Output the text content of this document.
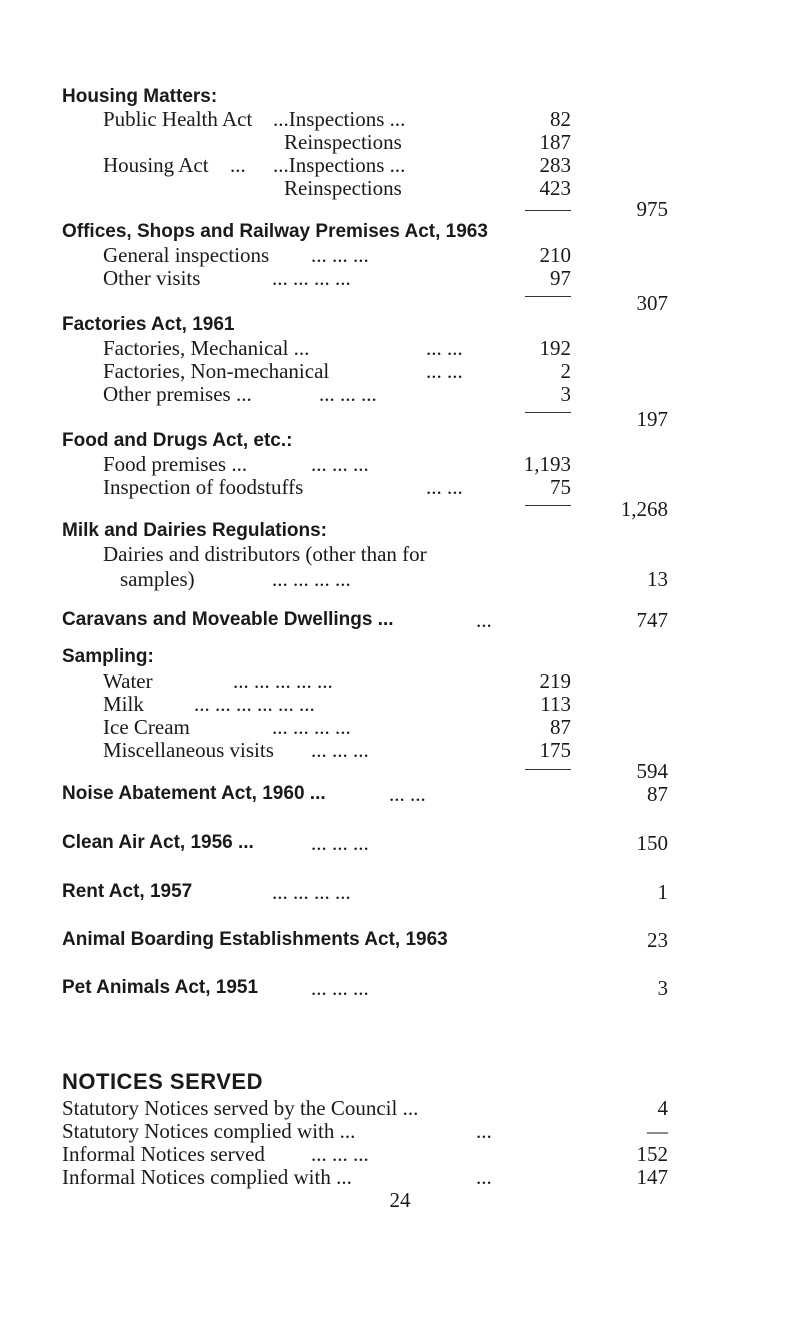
Housing Matters:
Public Health Act ...Inspections ...	82
Reinspections	187
Housing Act ... ...Inspections ...	283
Reinspections	423
975
Offices, Shops and Railway Premises Act, 1963
General inspections ... ... ...	210
Other visits	... ... ... ...	97
307
Factories Act, 1961
Factories, Mechanical ...	... ...	192
Factories, Non-mechanical	... ...	2
Other premises ...	... ... ...	3
197
Food and Drugs Act, etc.:
Food premises ...	... ... ...	1,193
Inspection of foodstuffs	... ...	75
1,268
Milk and Dairies Regulations:
Dairies and distributors (other than for
samples)	... ... ... ...	13
Caravans and Moveable Dwellings ...	...	747
Sampling:
Water	... ... ... ... ...	219
Milk ... ... ... ... ... ...	113
Ice Cream	... ... ... ...	87
Miscellaneous visits ... ... ...	175
594
Noise Abatement Act, 1960 ...	... ...	87
Clean Air Act, 1956 ...	... ... ...	150
Rent Act, 1957	... ... ... ...	1
Animal Boarding Establishments Act, 1963	23
Pet Animals Act, 1951	... ... ...	3
NOTICES SERVED
Statutory Notices served by the Council ...	4
Statutory Notices complied with ...	...	—
Informal Notices served ... ... ...	152
Informal Notices complied with ...	...	147
24
